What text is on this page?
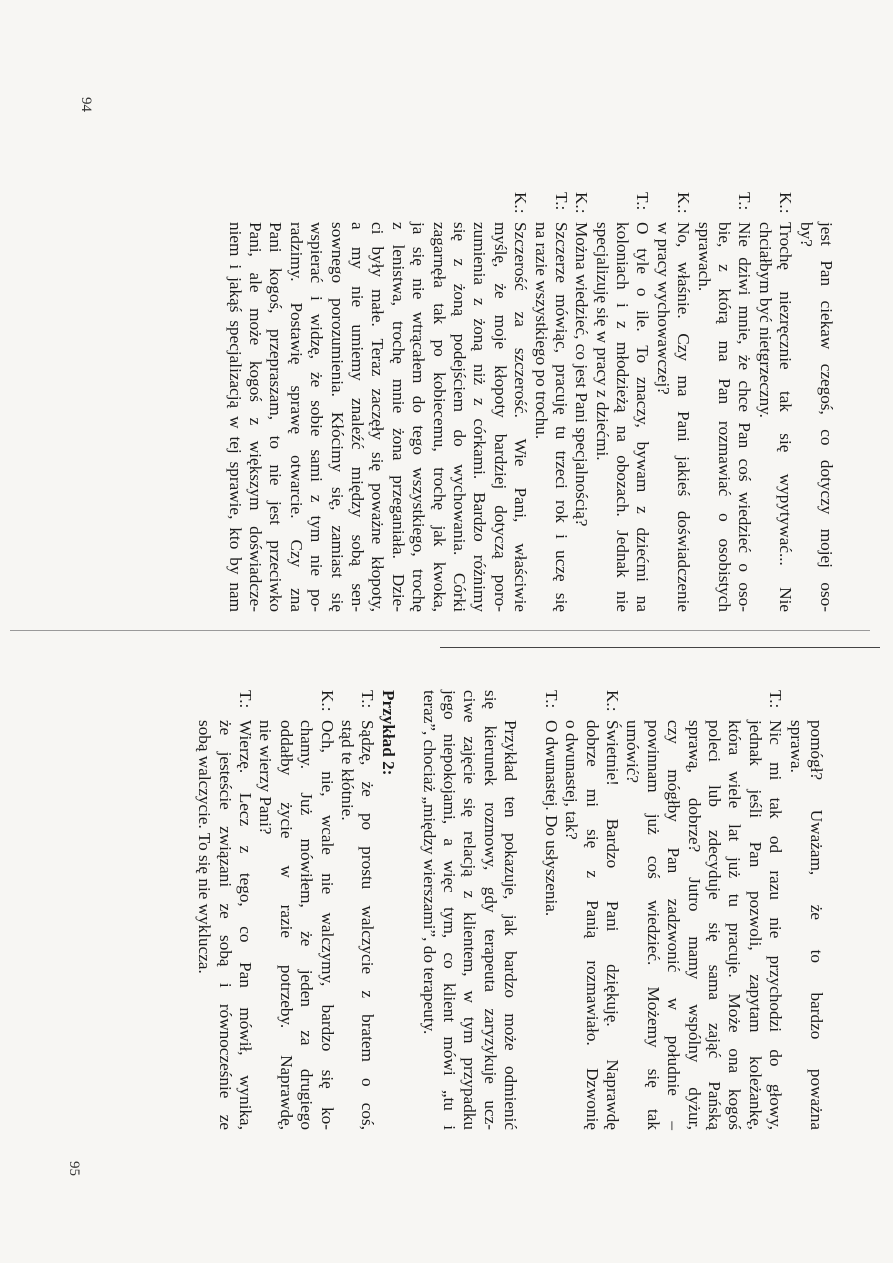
94
95
jest Pan ciekaw czegoś, co dotyczy mojej oso-
by?
K.:Trochę niezręcznie tak się wypytywać... Nie
chciałbym być nietgrzeczny.
T.:Nie dziwi mnie, że chce Pan coś wiedzieć o oso-
bie, z którą ma Pan rozmawiać o osobistych
sprawach.
K.:No, właśnie. Czy ma Pani jakieś doświadczenie
w pracy wychowawczej?
T.:O tyle o ile. To znaczy, bywam z dziećmi na
koloniach i z młodzieżą na obozach. Jednak nie
specjalizuję się w pracy z dziećmi.
K.:Można wiedzieć, co jest Pani specjalnością?
T.:Szczerze mówiąc, pracuję tu trzeci rok i uczę się
na razie wszystkiego po trochu.
K.:Szczerość za szczerość. Wie Pani, właściwie
myślę, że moje kłopoty bardziej dotyczą poro-
zumienia z żoną niż z córkami. Bardzo różnimy
się z żoną podejściem do wychowania. Córki
zagarnęła tak po kobiecemu, trochę jak kwoka,
ja się nie wtrącałem do tego wszystkiego, trochę
z lenistwa, trochę mnie żona przeganiała. Dzie-
ci były małe. Teraz zaczęły się poważne kłopoty,
a my nie umiemy znaleźć między sobą sen-
sownego porozumienia. Kłócimy się, zamiast się
wspierać i widzę, że sobie sami z tym nie po-
radzimy. Postawię sprawę otwarcie. Czy zna
Pani kogoś, przepraszam, to nie jest przeciwko
Pani, ale może kogoś z większym doświadcze-
niem i jakąś specjalizacją w tej sprawie, kto by nam
pomógł? Uważam, że to bardzo poważna
sprawa.
T.:Nic mi tak od razu nie przychodzi do głowy,
jednak jeśli Pan pozwoli, zapytam koleżankę,
która wiele lat już tu pracuje. Może ona kogoś
poleci lub zdecyduje się sama zająć Pańską
sprawą, dobrze? Jutro mamy wspólny dyżur,
czy mógłby Pan zadzwonić w południe –
powinnam już coś wiedzieć. Możemy się tak
umówić?
K.:Świetnie! Bardzo Pani dziękuję. Naprawdę
dobrze mi się z Panią rozmawiało. Dzwonię
o dwunastej, tak?
T.:O dwunastej. Do usłyszenia.
Przykład ten pokazuje, jak bardzo może odmienić
się kierunek rozmowy, gdy terapeuta zaryzykuje ucz-
ciwe zajęcie się relacją z klientem, w tym przypadku
jego niepokojami, a więc tym, co klient mówi „tu i
teraz”, chociaż „między wierszami”, do terapeuty.
Przykład 2:
T.:Sądzę, że po prostu walczycie z bratem o coś,
stąd te kłótnie.
K.:Och, nie, wcale nie walczymy, bardzo się ko-
chamy. Już mówiłem, że jeden za drugiego
oddałby życie w razie potrzeby. Naprawdę,
nie wierzy Pani?
T.:Wierzę. Lecz z tego, co Pan mówił, wynika,
że jesteście związani ze sobą i równocześnie ze
sobą walczycie. To się nie wyklucza.
